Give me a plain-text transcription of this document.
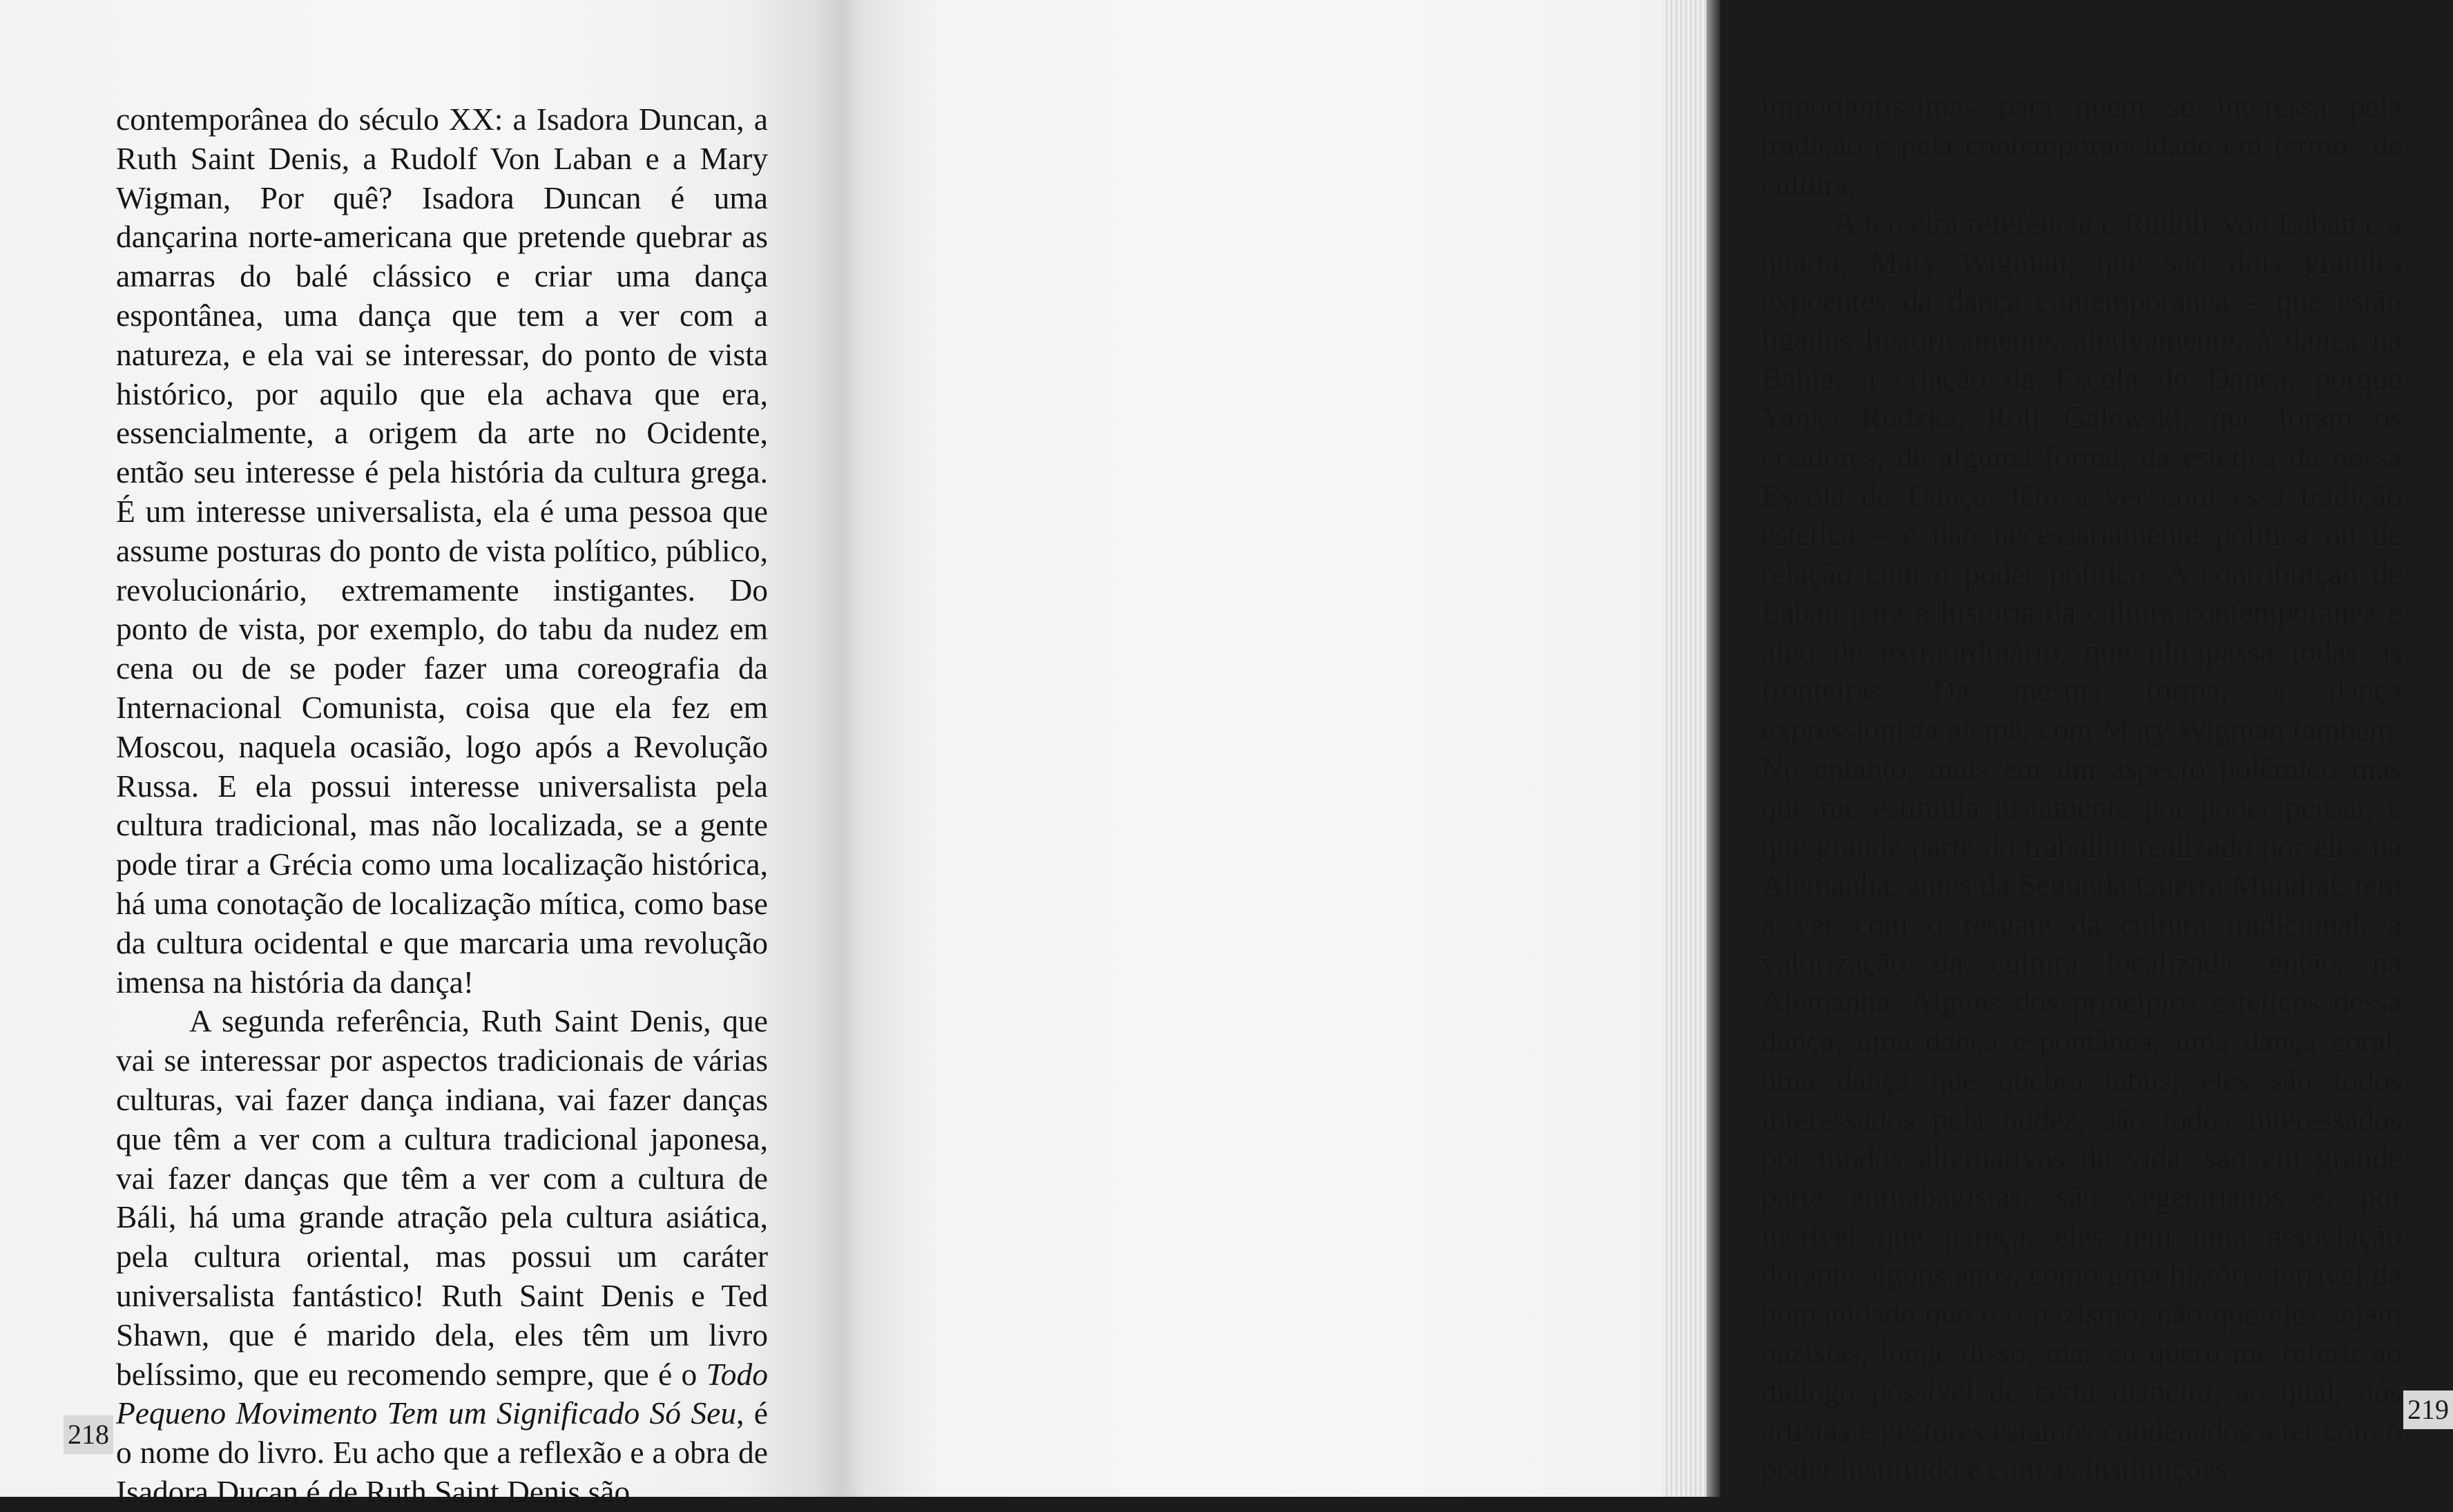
contemporânea do século XX: a Isadora Duncan, a Ruth Saint Denis, a Rudolf Von Laban e a Mary Wigman, Por quê? Isadora Duncan é uma dançarina norte-americana que pretende quebrar as amarras do balé clássico e criar uma dança espontânea, uma dança que tem a ver com a natureza, e ela vai se interessar, do ponto de vista histórico, por aquilo que ela achava que era, essencialmente, a origem da arte no Ocidente, então seu interesse é pela história da cultura grega. É um interesse universalista, ela é uma pessoa que assume posturas do ponto de vista político, público, revolucionário, extremamente instigantes. Do ponto de vista, por exemplo, do tabu da nudez em cena ou de se poder fazer uma coreografia da Internacional Comunista, coisa que ela fez em Moscou, naquela ocasião, logo após a Revolução Russa. E ela possui interesse universalista pela cultura tradicional, mas não localizada, se a gente pode tirar a Grécia como uma localização histórica, há uma conotação de localização mítica, como base da cultura ocidental e que marcaria uma revolução imensa na história da dança!

A segunda referência, Ruth Saint Denis, que vai se interessar por aspectos tradicionais de várias culturas, vai fazer dança indiana, vai fazer danças que têm a ver com a cultura tradicional japonesa, vai fazer danças que têm a ver com a cultura de Báli, há uma grande atração pela cultura asiática, pela cultura oriental, mas possui um caráter universalista fantástico! Ruth Saint Denis e Ted Shawn, que é marido dela, eles têm um livro belíssimo, que eu recomendo sempre, que é o Todo Pequeno Movimento Tem um Significado Só Seu, é o nome do livro. Eu acho que a reflexão e a obra de Isadora Ducan é de Ruth Saint Denis são

218

importantíssimas para quem se interessa pela tradição e pela contemporaneidade em termos de cultura.

A terceira referência é Rudolf Von Laban e a quarta, Mary Wigman, que são dois grandes expoentes da dança contemporânea – que estão ligados historicamente, afetivamente, à dança na Bahia, à criação da Escola de Dança, porque Yanka Rudzka, Rolf Galewski, que foram os criadores, de alguma forma, da estética da nossa Escola de Dança, têm a ver com essa tradição estética – e não necessariamente política ou de relação com o poder político. A contribuição de Laban para a história da cultura contemporânea é algo de extraordinário, que ultrapassa todas as fronteiras. Da mesma forma, a dança expressionista alemã, com Mary Wigman também. No entanto, mais em um aspecto polêmico mas que me estimula justamente por poder pensar, é que grande parte do trabalho realizado por eles na Alemanha, antes da Segunda Guerra Mundial, tem a ver com o resgate da cultura tradicional, a valorização da cultura localizada, então, na Alemanha. Alguns dos princípios estéticos dessa dança, uma dança espontânea, uma dança coral, uma dança que quebra tabus, eles são todos interessados pela nudez, são todos interessados por modos alternativos de vida, são em grande parte antitabagistas, são vegetarianos e, por incrível que pareça, eles têm uma associação durante alguns anos, como uma história terrível da humanidade que é o nazismo, não que eles sejam nazistas, longe disso, mas eu quero me referir ao diálogo possível de certa maneira, ao qual, nós artistas e gestores estamos condenados a ter com o poder instituído e com as instituições.

219
